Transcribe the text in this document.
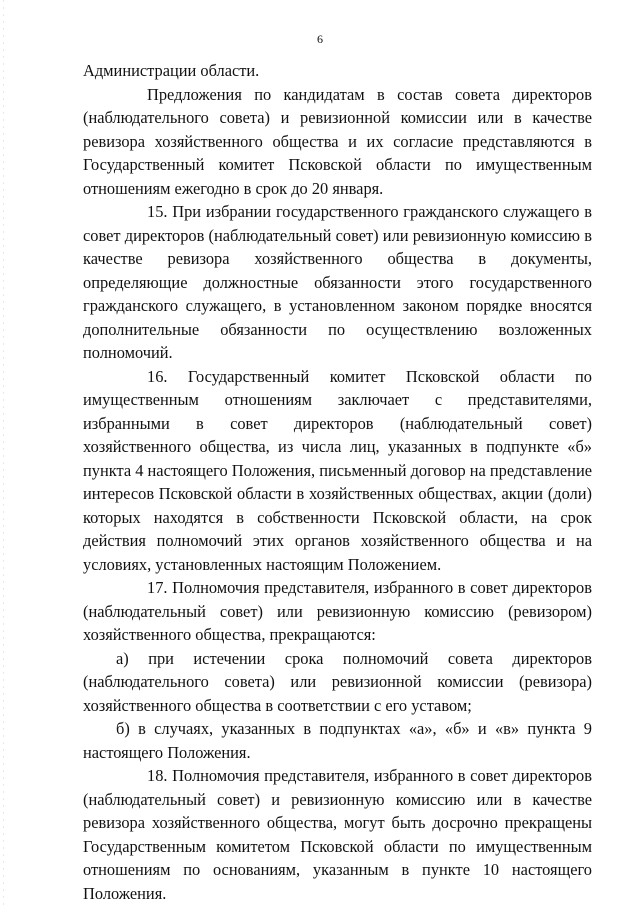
6

Администрации области.

Предложения по кандидатам в состав совета директоров (наблюдательного совета) и ревизионной комиссии или в качестве ревизора хозяйственного общества и их согласие представляются в Государственный комитет Псковской области по имущественным отношениям ежегодно в срок до 20 января.

15. При избрании государственного гражданского служащего в совет директоров (наблюдательный совет) или ревизионную комиссию в качестве ревизора хозяйственного общества в документы, определяющие должностные обязанности этого государственного гражданского служащего, в установленном законом порядке вносятся дополнительные обязанности по осуществлению возложенных полномочий.

16. Государственный комитет Псковской области по имущественным отношениям заключает с представителями, избранными в совет директоров (наблюдательный совет) хозяйственного общества, из числа лиц, указанных в подпункте «б» пункта 4 настоящего Положения, письменный договор на представление интересов Псковской области в хозяйственных обществах, акции (доли) которых находятся в собственности Псковской области, на срок действия полномочий этих органов хозяйственного общества и на условиях, установленных настоящим Положением.

17. Полномочия представителя, избранного в совет директоров (наблюдательный совет) или ревизионную комиссию (ревизором) хозяйственного общества, прекращаются:

а) при истечении срока полномочий совета директоров (наблюдательного совета) или ревизионной комиссии (ревизора) хозяйственного общества в соответствии с его уставом;

б) в случаях, указанных в подпунктах «а», «б» и «в» пункта 9 настоящего Положения.

18. Полномочия представителя, избранного в совет директоров (наблюдательный совет) и ревизионную комиссию или в качестве ревизора хозяйственного общества, могут быть досрочно прекращены Государственным комитетом Псковской области по имущественным отношениям по основаниям, указанным в пункте 10 настоящего Положения.
